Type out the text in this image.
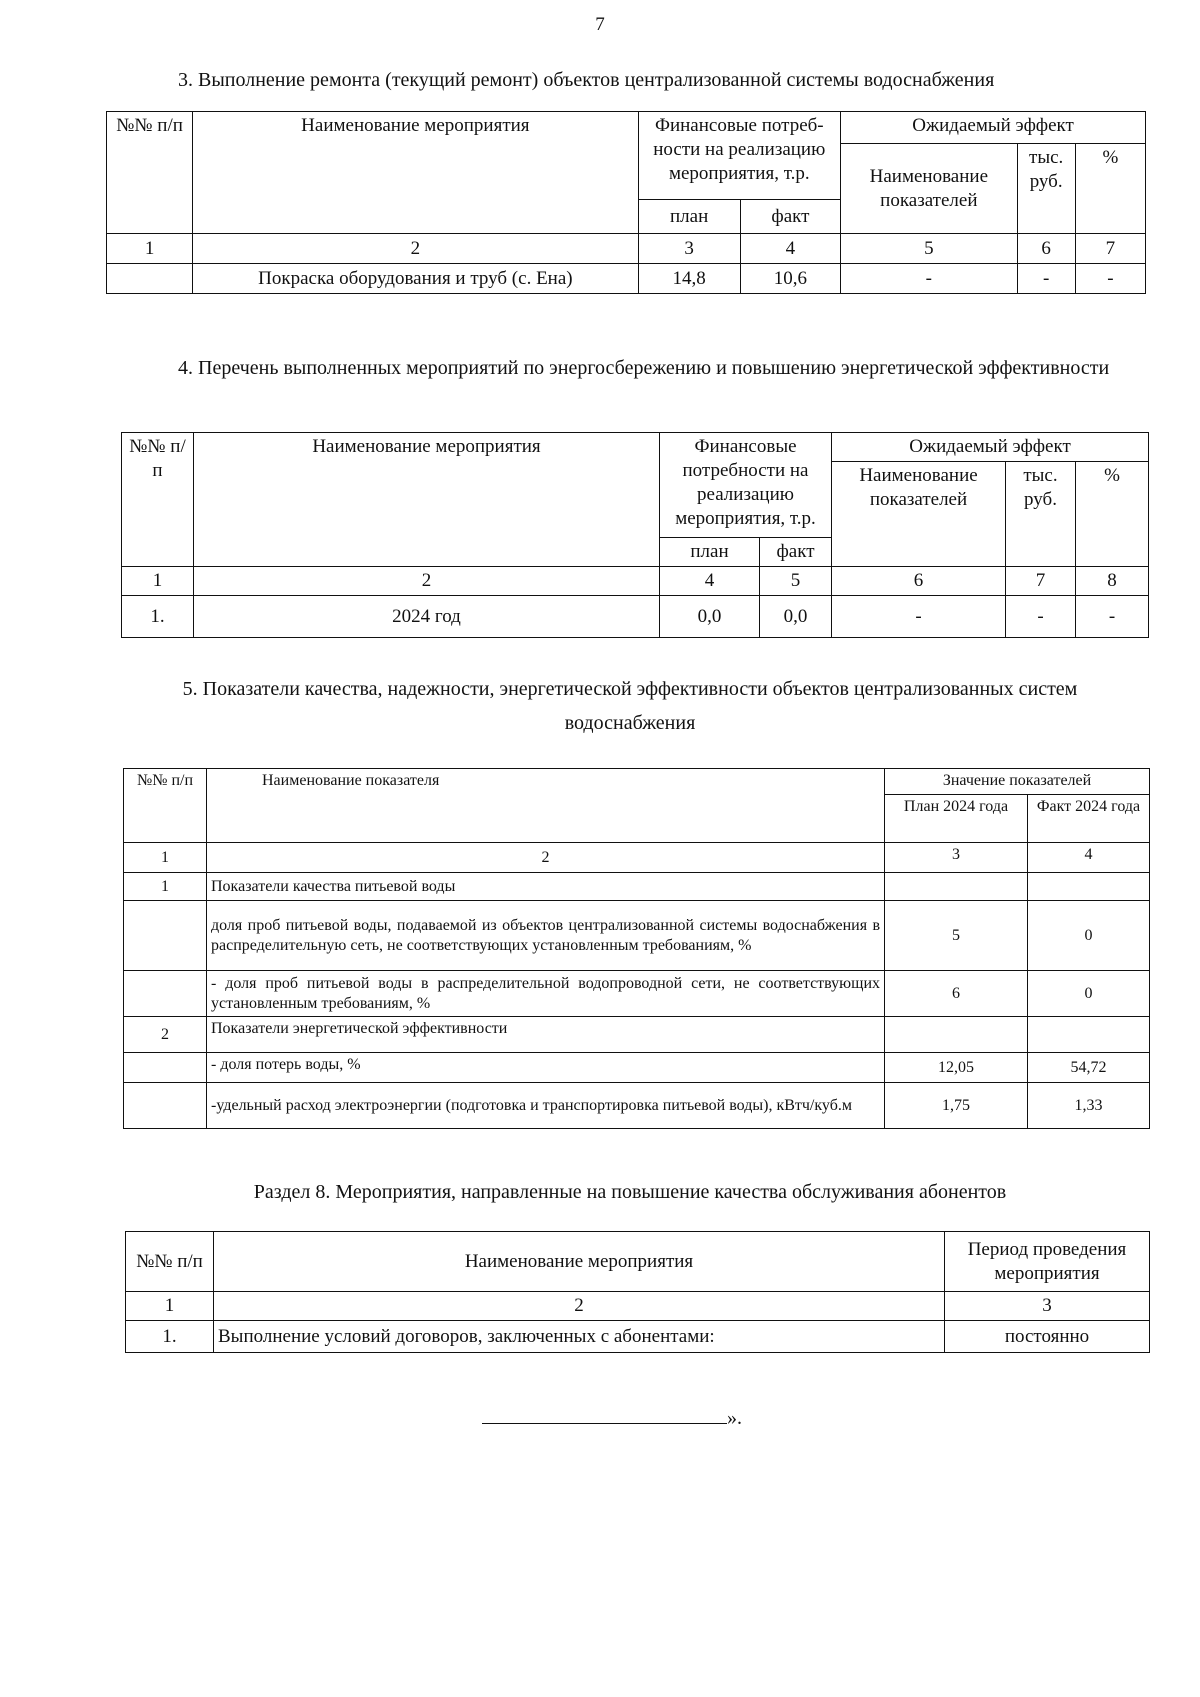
7
3. Выполнение ремонта (текущий ремонт) объектов централизованной системы водоснабжения
№№ п/п	Наименование мероприятия	Финансовые потреб-ности на реализацию мероприятия, т.р.		Ожидаемый эффект		
				Наименование показателей	тыс. руб.	%
		план	факт			
1	2	3	4	5	6	7
	Покраска оборудования и труб (с. Ена)	14,8	10,6	-	-	-
4. Перечень выполненных мероприятий по энергосбережению и повышению энергетической эффективности
№№ п/п	Наименование мероприятия	Финансовые потребности на реализацию мероприятия, т.р.		Ожидаемый эффект		
				Наименование показателей	тыс. руб.	%
		план	факт			
1	2	4	5	6	7	8
1.	2024 год	0,0	0,0	-	-	-
5. Показатели качества, надежности, энергетической эффективности объектов централизованных систем водоснабжения
№№ п/п	Наименование показателя	Значение показателей	
		План 2024 года	Факт 2024 года
1	2	3	4
1	Показатели качества питьевой воды		
	доля проб питьевой воды, подаваемой из объектов централизованной системы водоснабжения в распределительную сеть, не соответствующих установленным требованиям, %	5	0
	- доля проб питьевой воды в распределительной водопроводной сети, не соответствующих установленным требованиям, %	6	0
2	Показатели энергетической эффективности		
	- доля потерь воды, %	12,05	54,72
	-удельный расход электроэнергии (подготовка и транспортировка питьевой воды), кВтч/куб.м	1,75	1,33
Раздел 8. Мероприятия, направленные на повышение качества обслуживания абонентов
№№ п/п	Наименование мероприятия	Период проведения мероприятия
1	2	3
1.	Выполнение условий договоров, заключенных с абонентами:	постоянно
».
